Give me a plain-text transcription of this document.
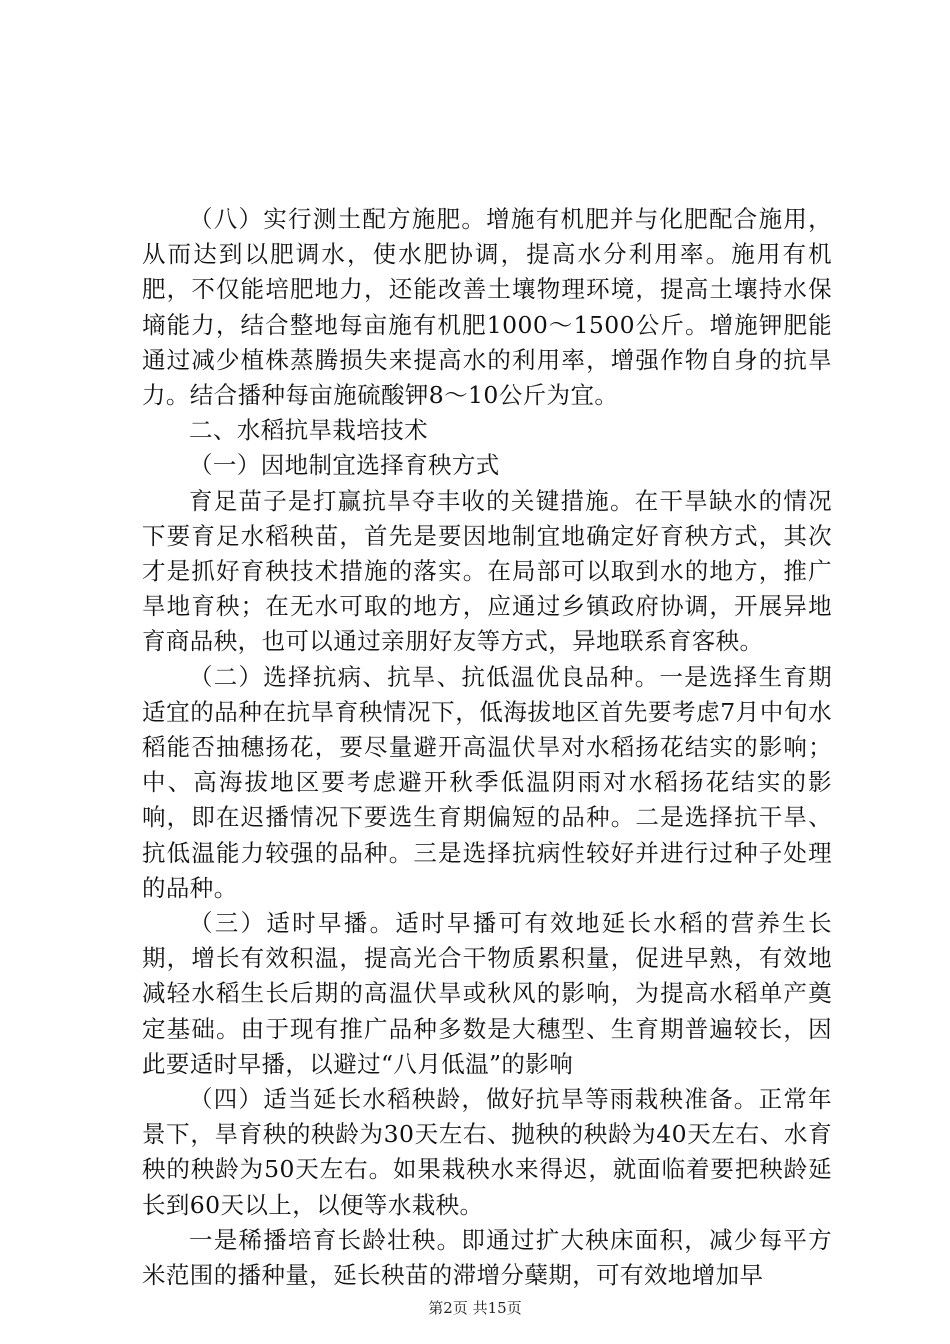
（八）实行测土配方施肥。增施有机肥并与化肥配合施用，从而达到以肥调水，使水肥协调，提高水分利用率。施用有机肥，不仅能培肥地力，还能改善土壤物理环境，提高土壤持水保墒能力，结合整地每亩施有机肥1000～1500公斤。增施钾肥能通过减少植株蒸腾损失来提高水的利用率，增强作物自身的抗旱力。结合播种每亩施硫酸钾8～10公斤为宜。

二、水稻抗旱栽培技术

（一）因地制宜选择育秧方式

育足苗子是打赢抗旱夺丰收的关键措施。在干旱缺水的情况下要育足水稻秧苗，首先是要因地制宜地确定好育秧方式，其次才是抓好育秧技术措施的落实。在局部可以取到水的地方，推广旱地育秧；在无水可取的地方，应通过乡镇政府协调，开展异地育商品秧，也可以通过亲朋好友等方式，异地联系育客秧。

（二）选择抗病、抗旱、抗低温优良品种。一是选择生育期适宜的品种在抗旱育秧情况下，低海拔地区首先要考虑7月中旬水稻能否抽穗扬花，要尽量避开高温伏旱对水稻扬花结实的影响；中、高海拔地区要考虑避开秋季低温阴雨对水稻扬花结实的影响，即在迟播情况下要选生育期偏短的品种。二是选择抗干旱、抗低温能力较强的品种。三是选择抗病性较好并进行过种子处理的品种。

（三）适时早播。适时早播可有效地延长水稻的营养生长期，增长有效积温，提高光合干物质累积量，促进早熟，有效地减轻水稻生长后期的高温伏旱或秋风的影响，为提高水稻单产奠定基础。由于现有推广品种多数是大穗型、生育期普遍较长，因此要适时早播，以避过“八月低温”的影响

（四）适当延长水稻秧龄，做好抗旱等雨栽秧准备。正常年景下，旱育秧的秧龄为30天左右、抛秧的秧龄为40天左右、水育秧的秧龄为50天左右。如果栽秧水来得迟，就面临着要把秧龄延长到60天以上，以便等水栽秧。

一是稀播培育长龄壮秧。即通过扩大秧床面积，减少每平方米范围的播种量，延长秧苗的滞增分蘖期，可有效地增加早

第2页 共15页
